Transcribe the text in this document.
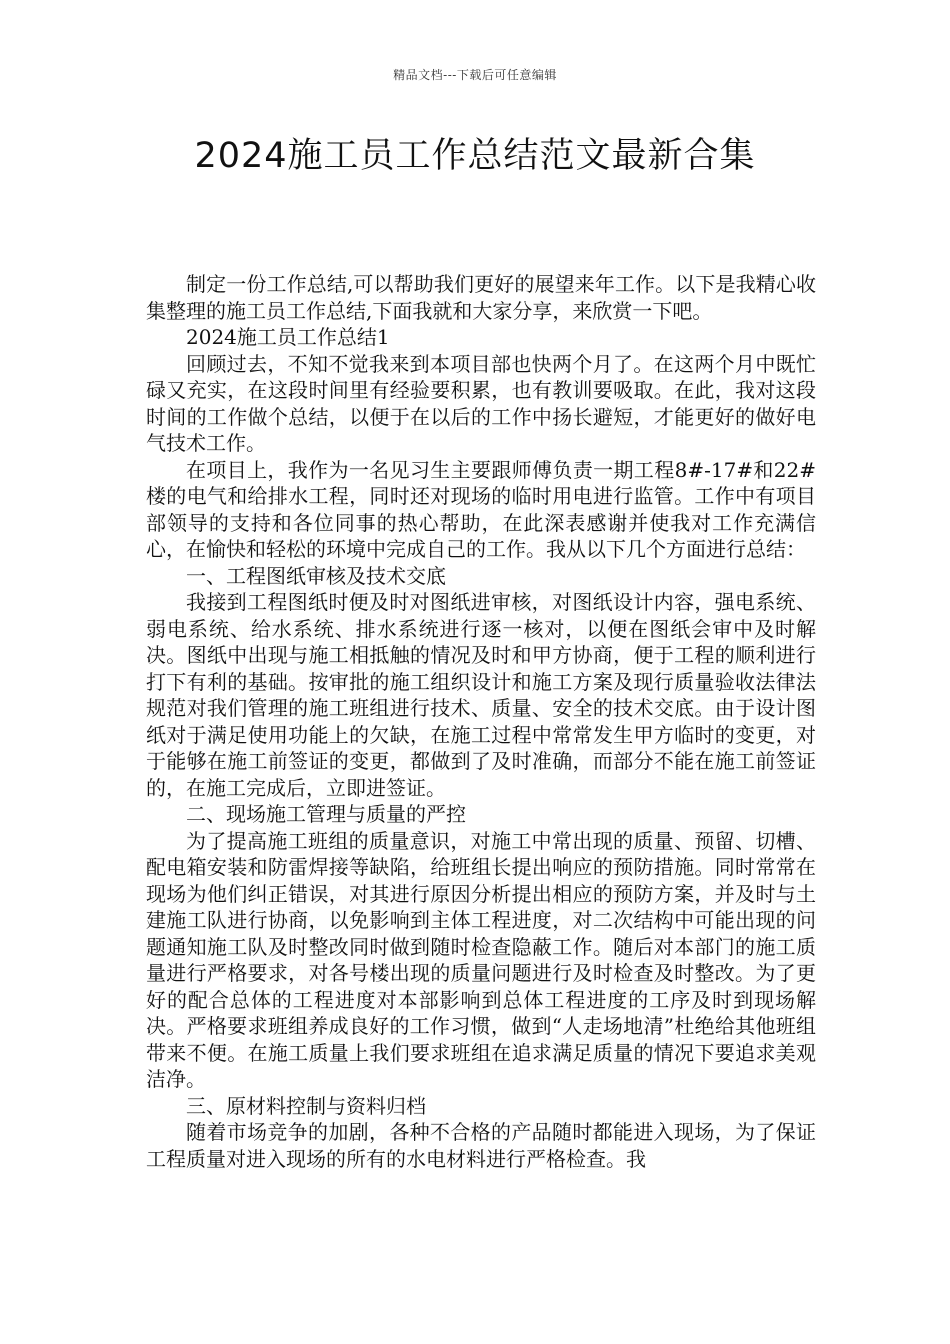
精品文档---下载后可任意编辑
2024施工员工作总结范文最新合集

制定一份工作总结,可以帮助我们更好的展望来年工作。以下是我精心收集整理的施工员工作总结,下面我就和大家分享，来欣赏一下吧。

2024施工员工作总结1

回顾过去，不知不觉我来到本项目部也快两个月了。在这两个月中既忙碌又充实，在这段时间里有经验要积累，也有教训要吸取。在此，我对这段时间的工作做个总结，以便于在以后的工作中扬长避短，才能更好的做好电气技术工作。

在项目上，我作为一名见习生主要跟师傅负责一期工程8#-17#和22#楼的电气和给排水工程，同时还对现场的临时用电进行监管。工作中有项目部领导的支持和各位同事的热心帮助，在此深表感谢并使我对工作充满信心，在愉快和轻松的环境中完成自己的工作。我从以下几个方面进行总结：

一、工程图纸审核及技术交底

我接到工程图纸时便及时对图纸进审核，对图纸设计内容，强电系统、弱电系统、给水系统、排水系统进行逐一核对，以便在图纸会审中及时解决。图纸中出现与施工相抵触的情况及时和甲方协商，便于工程的顺利进行打下有利的基础。按审批的施工组织设计和施工方案及现行质量验收法律法规范对我们管理的施工班组进行技术、质量、安全的技术交底。由于设计图纸对于满足使用功能上的欠缺，在施工过程中常常发生甲方临时的变更，对于能够在施工前签证的变更，都做到了及时准确，而部分不能在施工前签证的，在施工完成后，立即进签证。

二、现场施工管理与质量的严控

为了提高施工班组的质量意识，对施工中常出现的质量、预留、切槽、配电箱安装和防雷焊接等缺陷，给班组长提出响应的预防措施。同时常常在现场为他们纠正错误，对其进行原因分析提出相应的预防方案，并及时与土建施工队进行协商，以免影响到主体工程进度，对二次结构中可能出现的问题通知施工队及时整改同时做到随时检查隐蔽工作。随后对本部门的施工质量进行严格要求，对各号楼出现的质量问题进行及时检查及时整改。为了更好的配合总体的工程进度对本部影响到总体工程进度的工序及时到现场解决。严格要求班组养成良好的工作习惯，做到“人走场地清”杜绝给其他班组带来不便。在施工质量上我们要求班组在追求满足质量的情况下要追求美观洁净。

三、原材料控制与资料归档

随着市场竞争的加剧，各种不合格的产品随时都能进入现场，为了保证工程质量对进入现场的所有的水电材料进行严格检查。我
